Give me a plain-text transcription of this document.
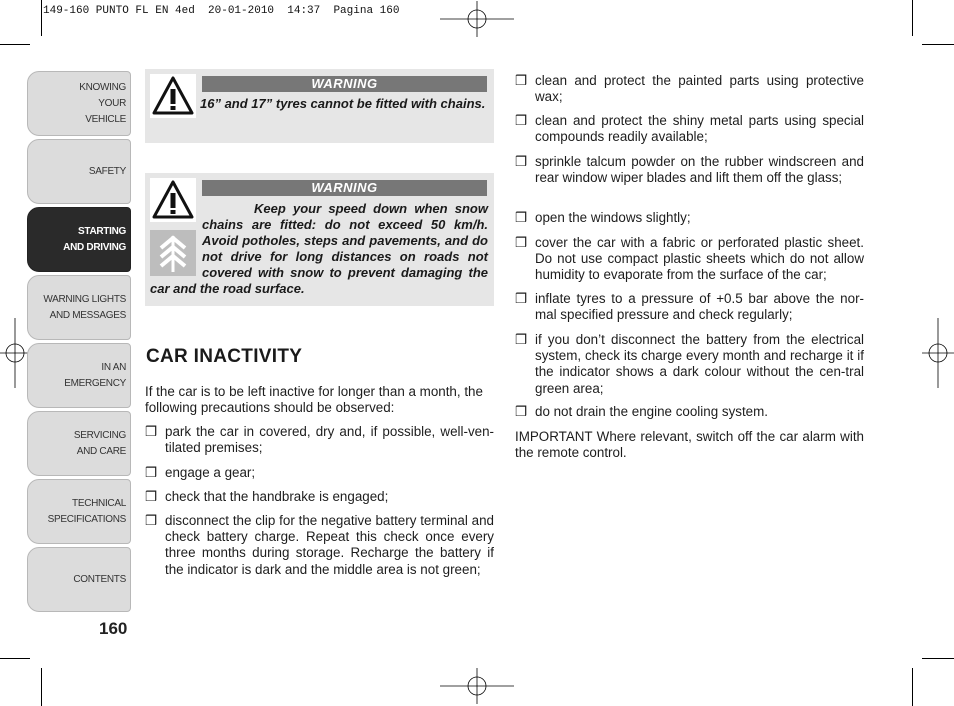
149-160 PUNTO FL EN 4ed  20-01-2010  14:37  Pagina 160
KNOWING
YOUR
VEHICLE
SAFETY
STARTING
AND DRIVING
WARNING LIGHTS
AND MESSAGES
IN AN
EMERGENCY
SERVICING
AND CARE
TECHNICAL
SPECIFICATIONS
CONTENTS
160
WARNING
16” and 17” tyres cannot be fitted with chains.
WARNING
Keep your speed down when snow chains are fitted: do not exceed 50 km/h. Avoid potholes, steps and pavements, and do not drive for long distances on roads not covered with snow to prevent damaging the car and the road surface.
CAR INACTIVITY
If the car is to be left inactive for longer than a month, the following precautions should be observed:
❒ park the car in covered, dry and, if possible, well-ven-tilated premises;
❒ engage a gear;
❒ check that the handbrake is engaged;
❒ disconnect the clip for the negative battery terminal and check battery charge. Repeat this check once every three months during storage. Recharge the battery if the indicator is dark and the middle area is not green;
❒ clean and protect the painted parts using protective wax;
❒ clean and protect the shiny metal parts using special compounds readily available;
❒ sprinkle talcum powder on the rubber windscreen and rear window wiper blades and lift them off the glass;
❒ open the windows slightly;
❒ cover the car with a fabric or perforated plastic sheet. Do not use compact plastic sheets which do not allow humidity to evaporate from the surface of the car;
❒ inflate tyres to a pressure of +0.5 bar above the nor-mal specified pressure and check regularly;
❒ if you don’t disconnect the battery from the electrical system, check its charge every month and recharge it if the indicator shows a dark colour without the cen-tral green area;
❒ do not drain the engine cooling system.
IMPORTANT Where relevant, switch off the car alarm with the remote control.
